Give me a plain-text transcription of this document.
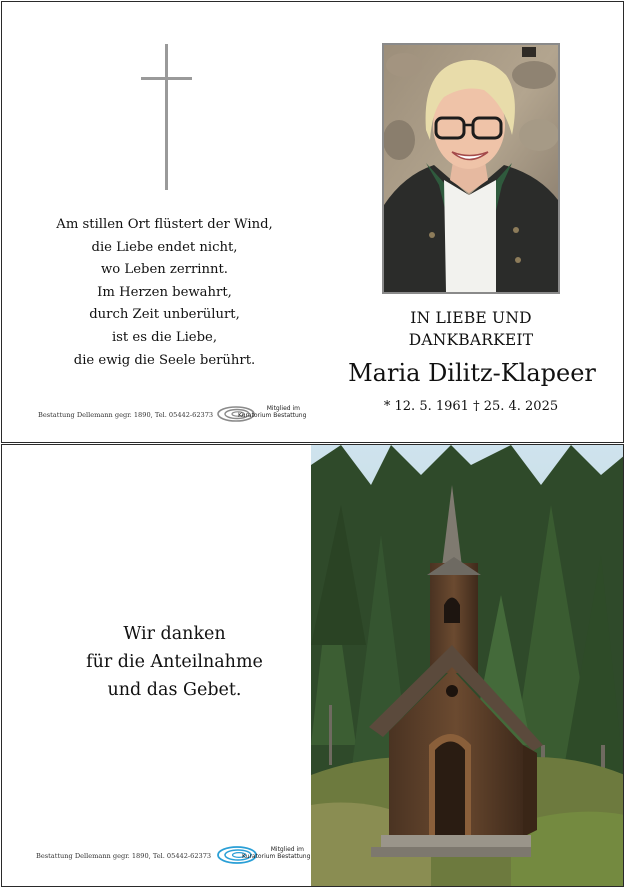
Am stillen Ort flüstert der Wind,
die Liebe endet nicht,
wo Leben zerrinnt.
Im Herzen bewahrt,
durch Zeit unberülurt,
ist es die Liebe,
die ewig die Seele berührt.
Bestattung Dellemann gegr. 1890, Tel. 05442-62373
Mitglied im
Kuratorium Bestattung
IN LIEBE UND
DANKBARKEIT
Maria Dilitz-Klapeer
* 12. 5. 1961 † 25. 4. 2025
Wir danken
für die Anteilnahme
und das Gebet.
Bestattung Dellemann gegr. 1890, Tel. 05442-62373
Mitglied im
Kuratorium Bestattung
